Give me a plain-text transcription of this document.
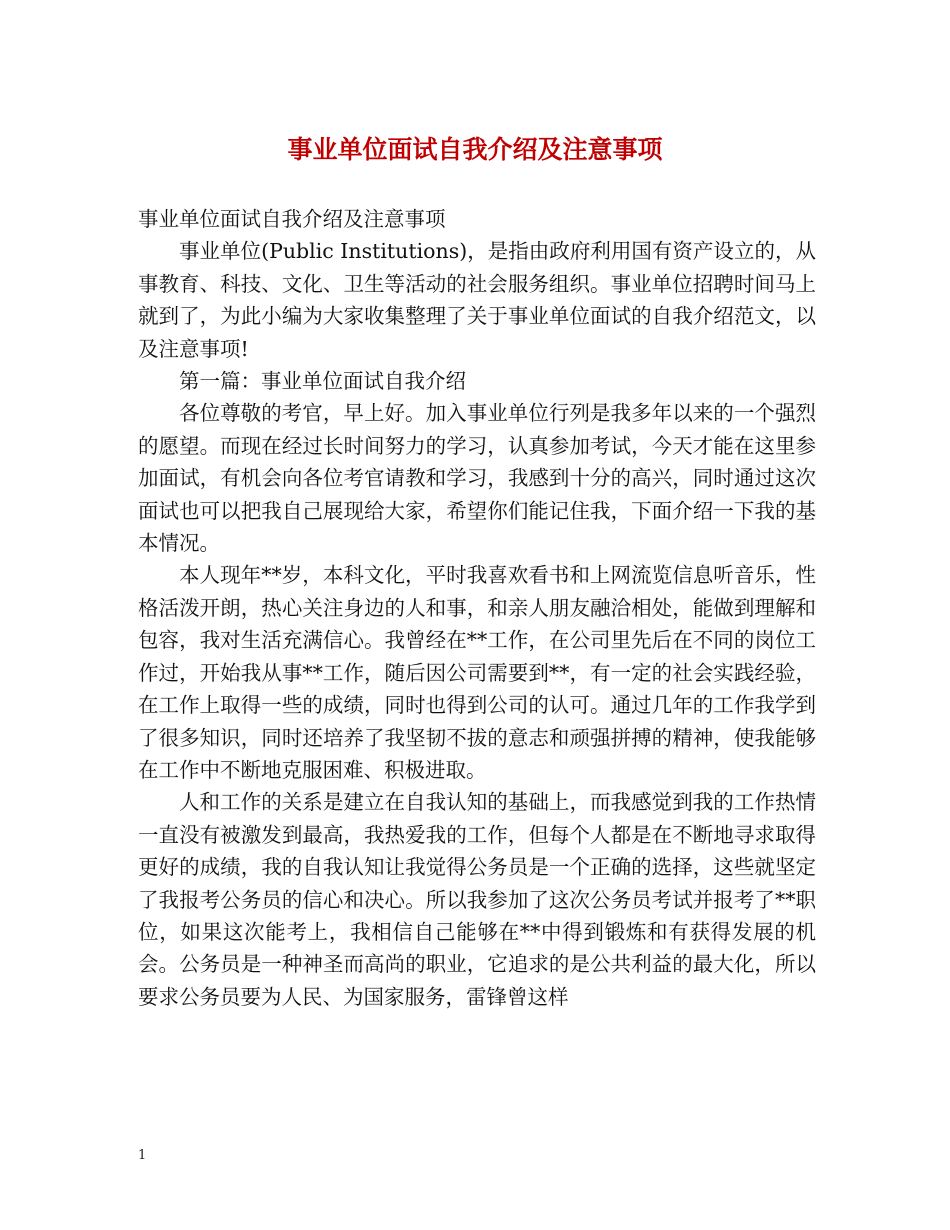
事业单位面试自我介绍及注意事项

事业单位面试自我介绍及注意事项

事业单位(Public Institutions)，是指由政府利用国有资产设立的，从事教育、科技、文化、卫生等活动的社会服务组织。事业单位招聘时间马上就到了，为此小编为大家收集整理了关于事业单位面试的自我介绍范文，以及注意事项!

第一篇：事业单位面试自我介绍

各位尊敬的考官，早上好。加入事业单位行列是我多年以来的一个强烈的愿望。而现在经过长时间努力的学习，认真参加考试，今天才能在这里参加面试，有机会向各位考官请教和学习，我感到十分的高兴，同时通过这次面试也可以把我自己展现给大家，希望你们能记住我，下面介绍一下我的基本情况。

本人现年**岁，本科文化，平时我喜欢看书和上网流览信息听音乐，性格活泼开朗，热心关注身边的人和事，和亲人朋友融洽相处，能做到理解和包容，我对生活充满信心。我曾经在**工作，在公司里先后在不同的岗位工作过，开始我从事**工作，随后因公司需要到**，有一定的社会实践经验，在工作上取得一些的成绩，同时也得到公司的认可。通过几年的工作我学到了很多知识，同时还培养了我坚韧不拔的意志和顽强拼搏的精神，使我能够在工作中不断地克服困难、积极进取。

人和工作的关系是建立在自我认知的基础上，而我感觉到我的工作热情一直没有被激发到最高，我热爱我的工作，但每个人都是在不断地寻求取得更好的成绩，我的自我认知让我觉得公务员是一个正确的选择，这些就坚定了我报考公务员的信心和决心。所以我参加了这次公务员考试并报考了**职位，如果这次能考上，我相信自己能够在**中得到锻炼和有获得发展的机会。公务员是一种神圣而高尚的职业，它追求的是公共利益的最大化，所以要求公务员要为人民、为国家服务，雷锋曾这样

1
